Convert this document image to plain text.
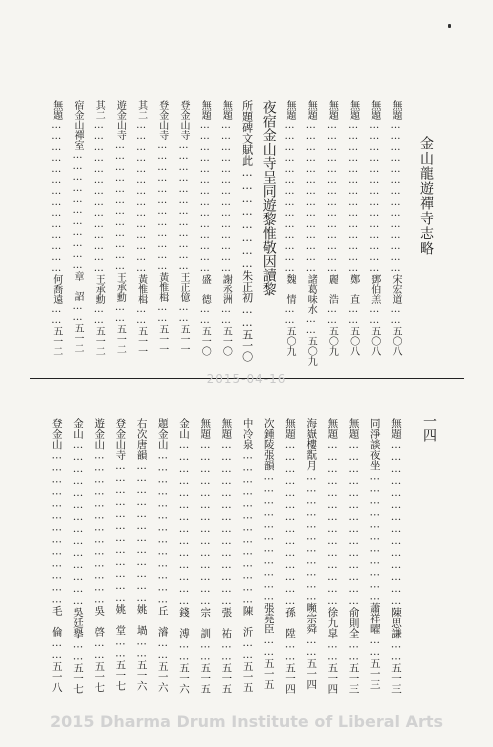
金山龍遊禪寺志略
無題……………………………………宋宏道……五〇八
無題……………………………………鄧伯羔……五〇八
無題……………………………………鄭　直……五〇八
無題……………………………………麗　浩……五〇九
無題……………………………………諸葛味水……五〇九
無題……………………………………魏　情……五〇九
夜宿金山寺呈同遊黎惟敬因讀黎
所題碑文賦此……………………朱正初……五一〇
無題……………………………………謝丞洲……五一〇
無題……………………………………盛　德……五一〇
登金山寺………………………………王正億……五一一
登金山寺………………………………黃惟楫……五一一
其二……………………………………黃惟楫……五一一
遊金山寺………………………………王承勳……五一二
其二……………………………………王承勳……五一二
宿金山禪室……………………………章　詔……五一二
無題……………………………………何喬遠……五一二
2015-04-16
一四
無題……………………………………陳思謙……五一三
同淨談夜坐……………………………蕭祥曜……五一三
無題……………………………………俞則全……五一三
無題……………………………………徐九皐……五一四
海嶽樓翫月……………………………嚬宗舜……五一四
無題……………………………………孫　陞……五一四
次鍾陵張韻……………………………張堯臣……五一五
中冷泉…………………………………陳　沂……五一五
無題……………………………………張　祐……五一五
無題……………………………………宗　訓……五一五
金山……………………………………錢　溥……五一六
題金山…………………………………丘　濬……五一六
右次唐韻………………………………姚　堝……五一六
登金山寺………………………………姚　堂……五一七
遊金山…………………………………吳　啓……五一七
金山……………………………………吳廷擧……五一七
登金山…………………………………毛　倫……五一八
2015 Dharma Drum Institute of Liberal Arts
